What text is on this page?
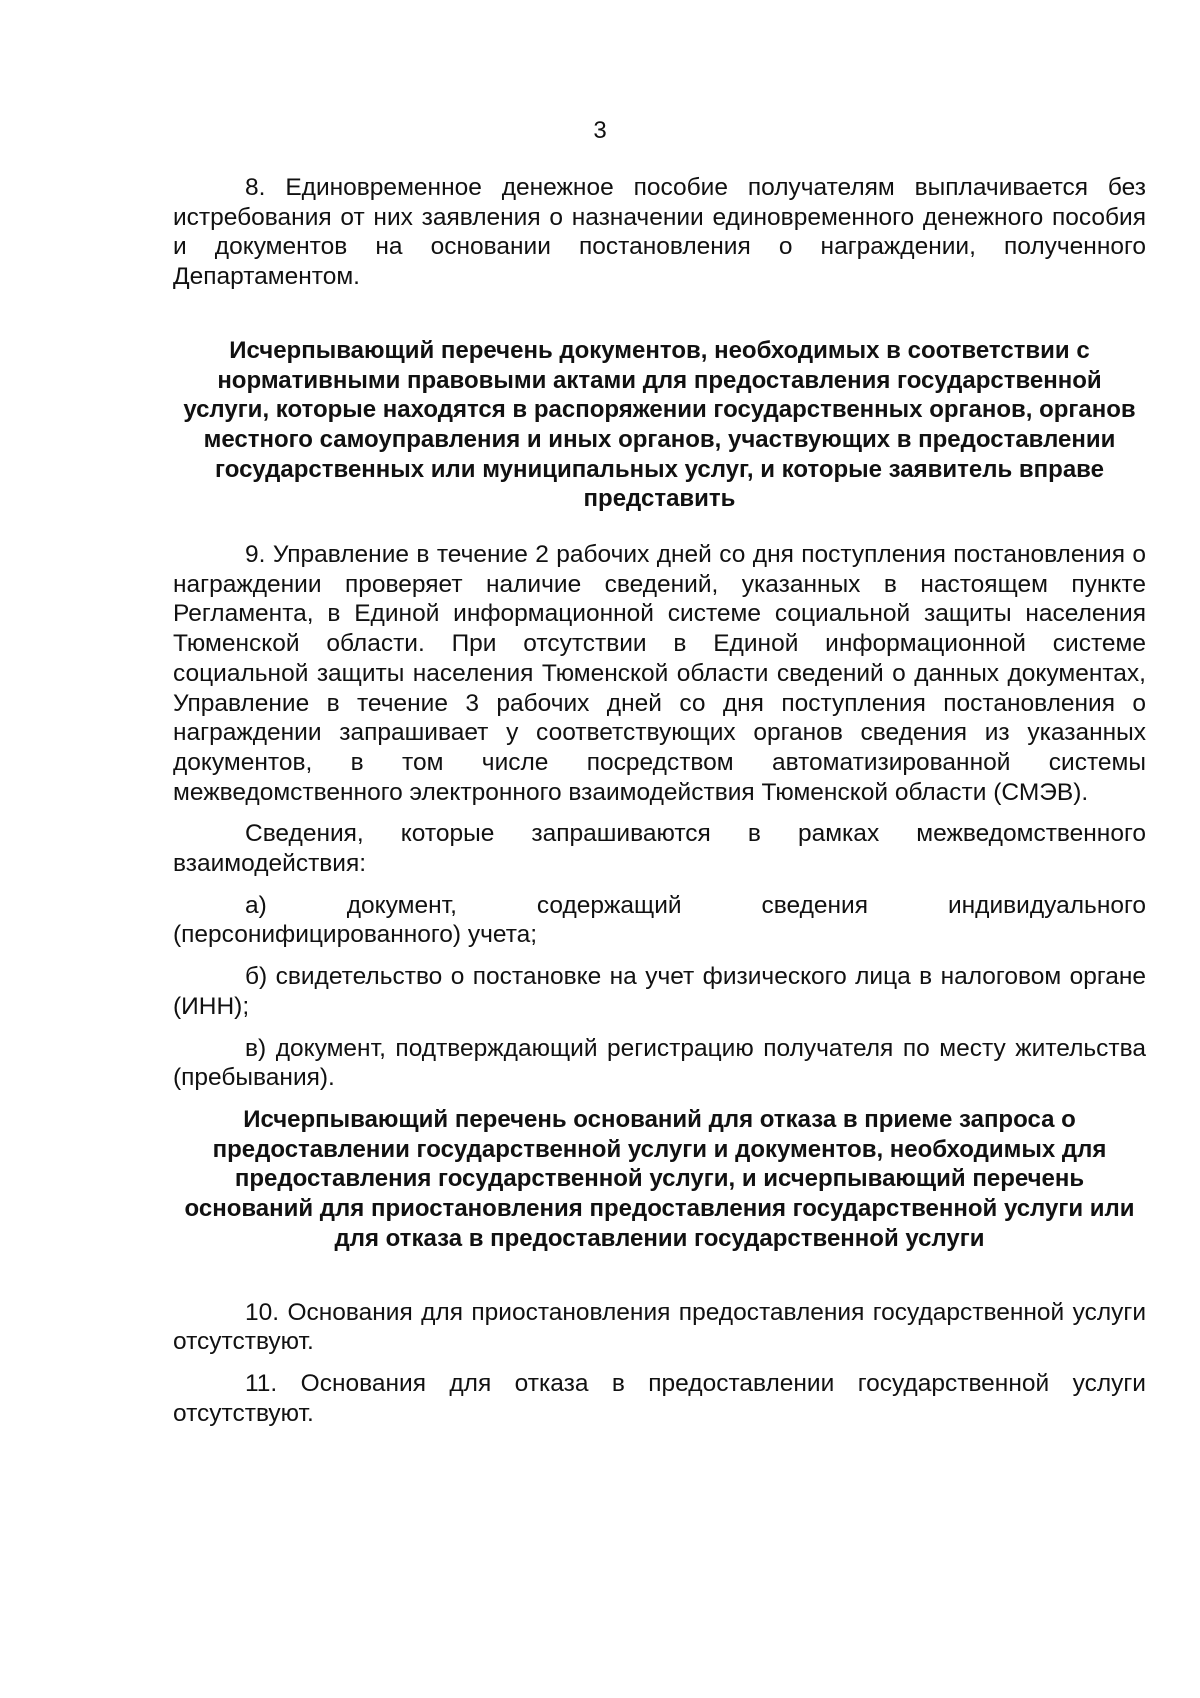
3

8. Единовременное денежное пособие получателям выплачивается без истребования от них заявления о назначении единовременного денежного пособия и документов на основании постановления о награждении, полученного Департаментом.

Исчерпывающий перечень документов, необходимых в соответствии с нормативными правовыми актами для предоставления государственной услуги, которые находятся в распоряжении государственных органов, органов местного самоуправления и иных органов, участвующих в предоставлении государственных или муниципальных услуг, и которые заявитель вправе представить

9. Управление в течение 2 рабочих дней со дня поступления постановления о награждении проверяет наличие сведений, указанных в настоящем пункте Регламента, в Единой информационной системе социальной защиты населения Тюменской области. При отсутствии в Единой информационной системе социальной защиты населения Тюменской области сведений о данных документах, Управление в течение 3 рабочих дней со дня поступления постановления о награждении запрашивает у соответствующих органов сведения из указанных документов, в том числе посредством автоматизированной системы межведомственного электронного взаимодействия Тюменской области (СМЭВ).

Сведения, которые запрашиваются в рамках межведомственного взаимодействия:

а) документ, содержащий сведения индивидуального (персонифицированного) учета;

б) свидетельство о постановке на учет физического лица в налоговом органе (ИНН);

в) документ, подтверждающий регистрацию получателя по месту жительства (пребывания).

Исчерпывающий перечень оснований для отказа в приеме запроса о предоставлении государственной услуги и документов, необходимых для предоставления государственной услуги, и исчерпывающий перечень оснований для приостановления предоставления государственной услуги или для отказа в предоставлении государственной услуги

10. Основания для приостановления предоставления государственной услуги отсутствуют.

11. Основания для отказа в предоставлении государственной услуги отсутствуют.
